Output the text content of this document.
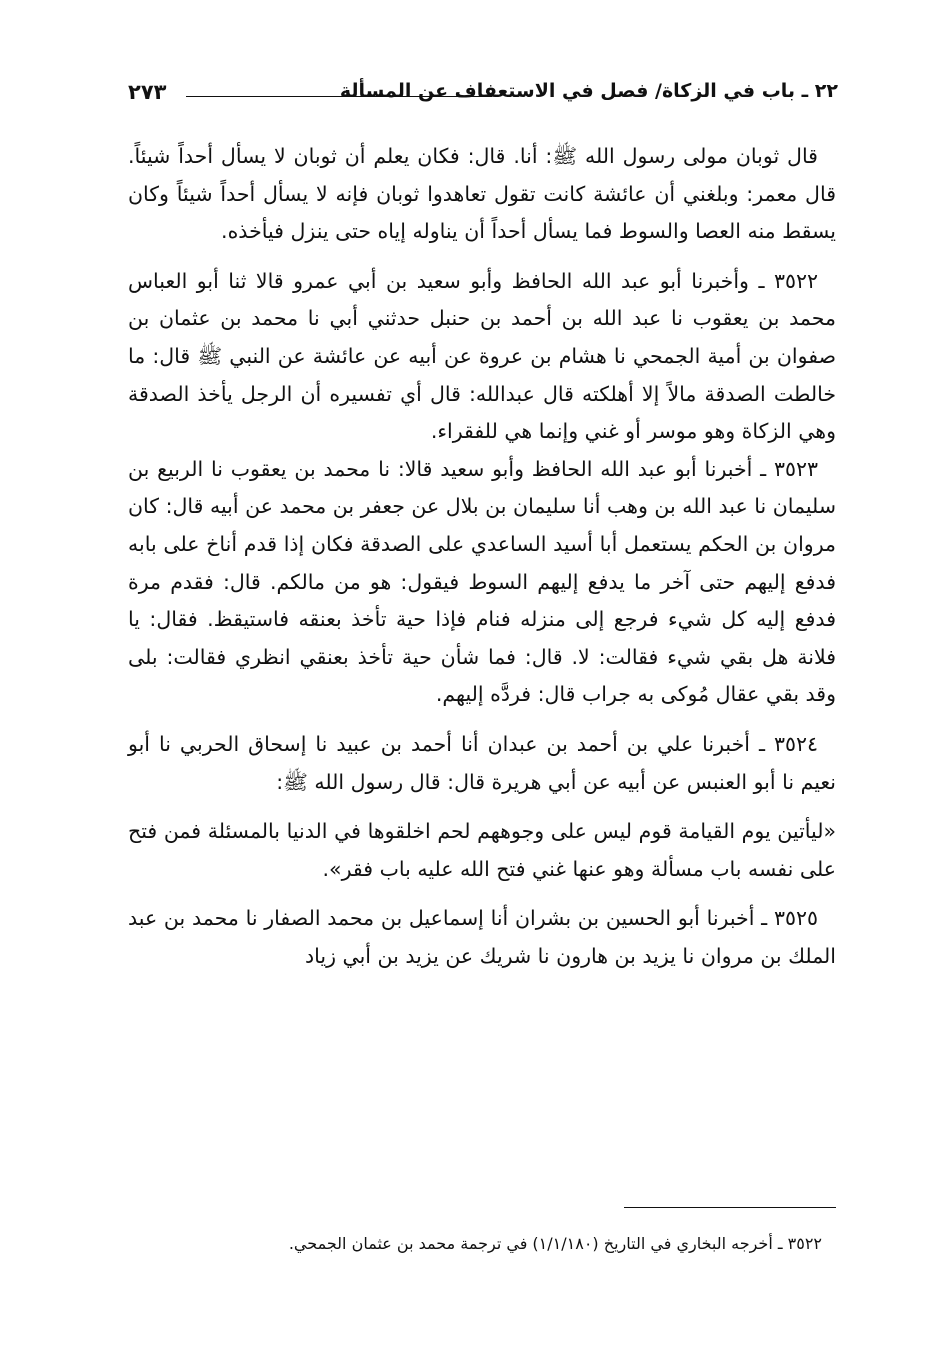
٢٢ ـ باب في الزكاة/ فصل في الاستعفاف عن المسألة
٢٧٣

قال ثوبان مولى رسول الله ﷺ: أنا. قال: فكان يعلم أن ثوبان لا يسأل أحداً شيئاً. قال معمر: وبلغني أن عائشة كانت تقول تعاهدوا ثوبان فإنه لا يسأل أحداً شيئاً وكان يسقط منه العصا والسوط فما يسأل أحداً أن يناوله إياه حتى ينزل فيأخذه.

٣٥٢٢ ـ وأخبرنا أبو عبد الله الحافظ وأبو سعيد بن أبي عمرو قالا ثنا أبو العباس محمد بن يعقوب نا عبد الله بن أحمد بن حنبل حدثني أبي نا محمد بن عثمان بن صفوان بن أمية الجمحي نا هشام بن عروة عن أبيه عن عائشة عن النبي ﷺ قال: ما خالطت الصدقة مالاً إلا أهلكته قال عبدالله: قال أي تفسيره أن الرجل يأخذ الصدقة وهي الزكاة وهو موسر أو غني وإنما هي للفقراء.

٣٥٢٣ ـ أخبرنا أبو عبد الله الحافظ وأبو سعيد قالا: نا محمد بن يعقوب نا الربيع بن سليمان نا عبد الله بن وهب أنا سليمان بن بلال عن جعفر بن محمد عن أبيه قال: كان مروان بن الحكم يستعمل أبا أسيد الساعدي على الصدقة فكان إذا قدم أناخ على بابه فدفع إليهم حتى آخر ما يدفع إليهم السوط فيقول: هو من مالكم. قال: فقدم مرة فدفع إليه كل شيء فرجع إلى منزله فنام فإذا حية تأخذ بعنقه فاستيقظ. فقال: يا فلانة هل بقي شيء فقالت: لا. قال: فما شأن حية تأخذ بعنقي انظري فقالت: بلى وقد بقي عقال مُوكى به جراب قال: فردَّه إليهم.

٣٥٢٤ ـ أخبرنا علي بن أحمد بن عبدان أنا أحمد بن عبيد نا إسحاق الحربي نا أبو نعيم نا أبو العنبس عن أبيه عن أبي هريرة قال: قال رسول الله ﷺ:

«ليأتين يوم القيامة قوم ليس على وجوههم لحم اخلقوها في الدنيا بالمسئلة فمن فتح على نفسه باب مسألة وهو عنها غني فتح الله عليه باب فقر».

٣٥٢٥ ـ أخبرنا أبو الحسين بن بشران أنا إسماعيل بن محمد الصفار نا محمد بن عبد الملك بن مروان نا يزيد بن هارون نا شريك عن يزيد بن أبي زياد

٣٥٢٢ ـ أخرجه البخاري في التاريخ (١/١/١٨٠) في ترجمة محمد بن عثمان الجمحي.
